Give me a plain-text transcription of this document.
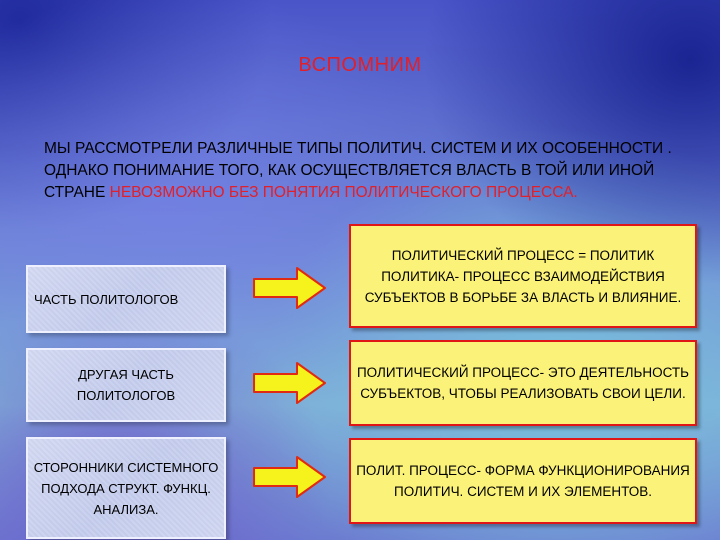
ВСПОМНИМ
МЫ РАССМОТРЕЛИ РАЗЛИЧНЫЕ ТИПЫ ПОЛИТИЧ. СИСТЕМ И ИХ ОСОБЕННОСТИ . ОДНАКО ПОНИМАНИЕ ТОГО, КАК ОСУЩЕСТВЛЯЕТСЯ ВЛАСТЬ В ТОЙ ИЛИ ИНОЙ СТРАНЕ НЕВОЗМОЖНО БЕЗ ПОНЯТИЯ ПОЛИТИЧЕСКОГО ПРОЦЕССА.
ЧАСТЬ ПОЛИТОЛОГОВ
ДРУГАЯ ЧАСТЬ ПОЛИТОЛОГОВ
СТОРОННИКИ СИСТЕМНОГО ПОДХОДА СТРУКТ. ФУНКЦ. АНАЛИЗА.
ПОЛИТИЧЕСКИЙ ПРОЦЕСС = ПОЛИТИК ПОЛИТИКА- ПРОЦЕСС ВЗАИМОДЕЙСТВИЯ СУБЪЕКТОВ В БОРЬБЕ ЗА ВЛАСТЬ И ВЛИЯНИЕ.
ПОЛИТИЧЕСКИЙ ПРОЦЕСС- ЭТО ДЕЯТЕЛЬНОСТЬ СУБЪЕКТОВ, ЧТОБЫ РЕАЛИЗОВАТЬ СВОИ ЦЕЛИ.
ПОЛИТ. ПРОЦЕСС- ФОРМА ФУНКЦИОНИРОВАНИЯ ПОЛИТИЧ. СИСТЕМ И ИХ ЭЛЕМЕНТОВ.
